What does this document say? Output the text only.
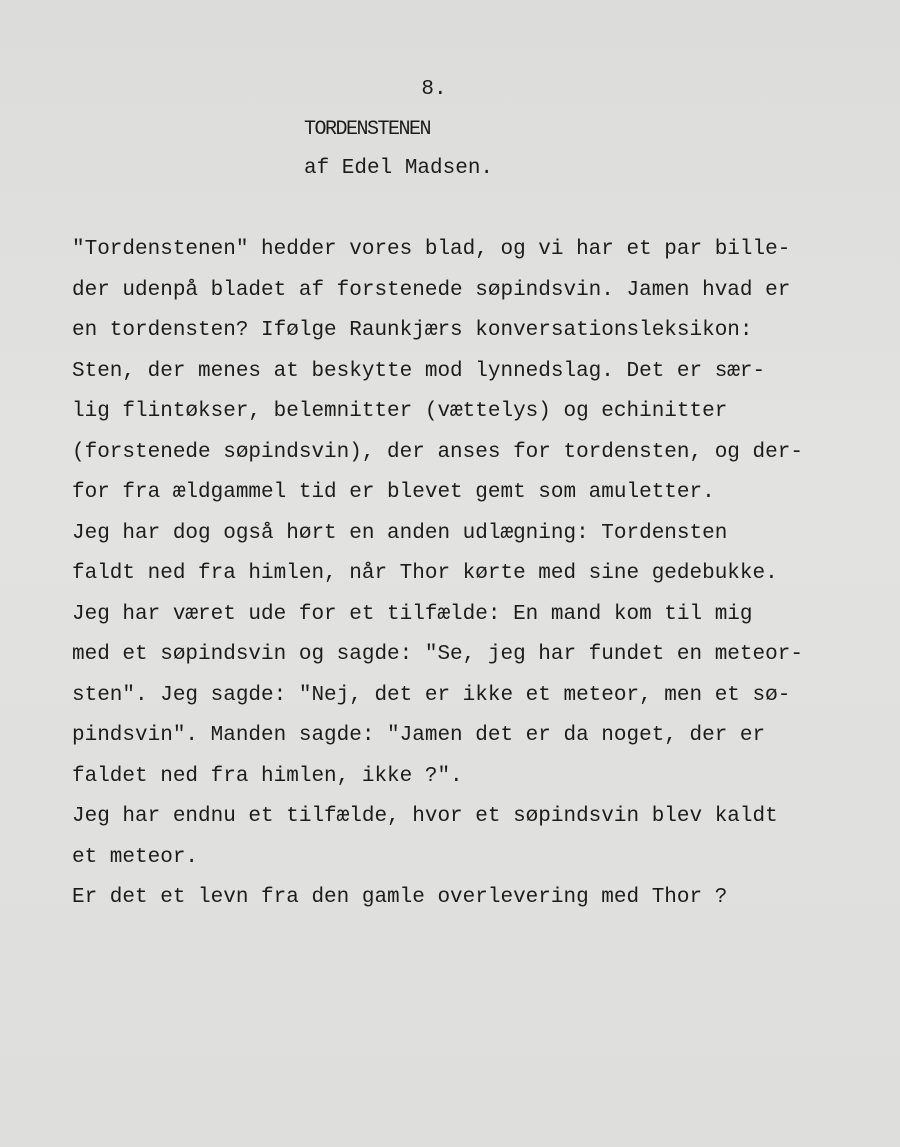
8.
TORDENSTENEN
af Edel Madsen.
"Tordenstenen" hedder vores blad, og vi har et par bille-
der udenpå bladet af forstenede søpindsvin. Jamen hvad er
en tordensten? Ifølge Raunkjærs konversationsleksikon:
Sten, der menes at beskytte mod lynnedslag. Det er sær-
lig flintøkser, belemnitter (vættelys) og echinitter
(forstenede søpindsvin), der anses for tordensten, og der-
for fra ældgammel tid er blevet gemt som amuletter.
Jeg har dog også hørt en anden udlægning: Tordensten
faldt ned fra himlen, når Thor kørte med sine gedebukke.
Jeg har været ude for et tilfælde: En mand kom til mig
med et søpindsvin og sagde: "Se, jeg har fundet en meteor-
sten". Jeg sagde: "Nej, det er ikke et meteor, men et sø-
pindsvin". Manden sagde: "Jamen det er da noget, der er
faldet ned fra himlen, ikke ?".
Jeg har endnu et tilfælde, hvor et søpindsvin blev kaldt
et meteor.
Er det et levn fra den gamle overlevering med Thor ?
